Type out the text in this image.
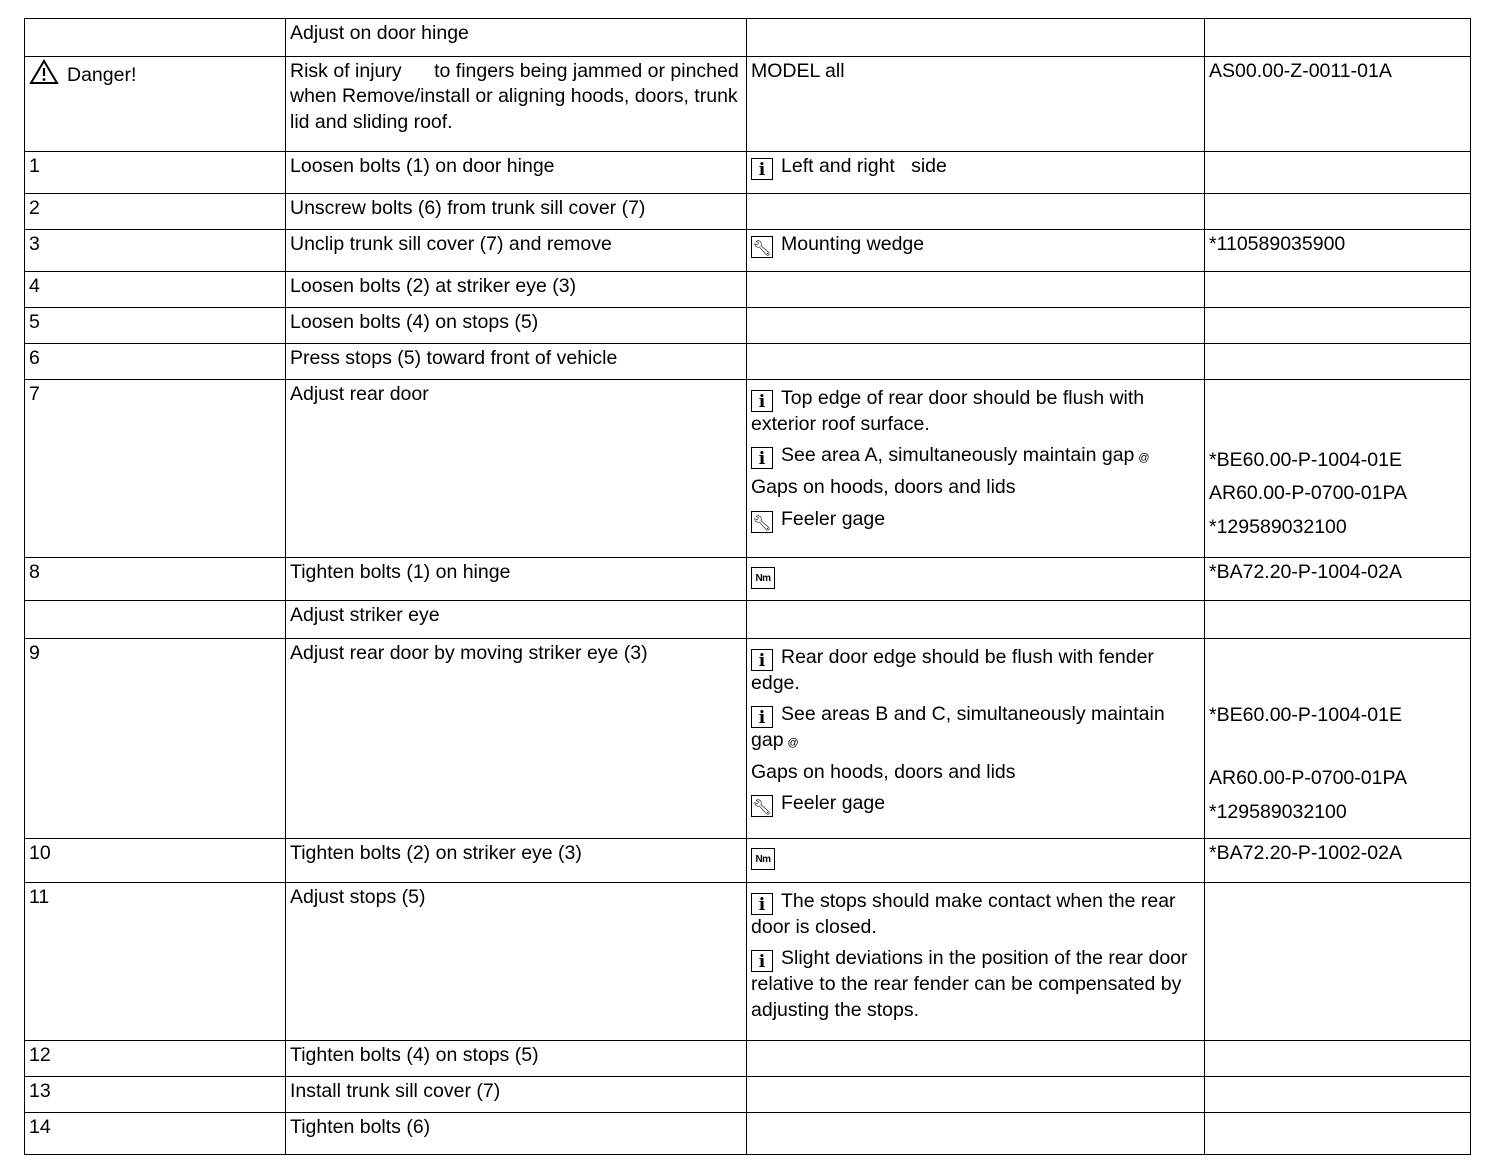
	Adjust on door hinge		
Danger!	Risk of injury      to fingers being jammed or pinched  when Remove/install or aligning hoods, doors, trunk lid and sliding roof.	MODEL all	AS00.00-Z-0011-01A
1	Loosen bolts (1) on door hinge	i Left and right   side	
2	Unscrew bolts (6) from trunk sill cover (7)		
3	Unclip trunk sill cover (7) and remove	🔧︎ Mounting wedge	*110589035900
4	Loosen bolts (2) at striker eye (3)		
5	Loosen bolts (4) on stops (5)		
6	Press stops (5) toward front of vehicle		
7	Adjust rear door	i Top edge of rear door should be flush with exterior roof surface.
i See area A, simultaneously maintain gap @
Gaps on hoods, doors and lids
🔧︎ Feeler gage	*BE60.00-P-1004-01E
AR60.00-P-0700-01PA
*129589032100

8	Tighten bolts (1) on hinge	Nm	*BA72.20-P-1004-02A
	Adjust striker eye		
9	Adjust rear door by moving striker eye (3)	i Rear door edge should be flush with fender edge.
i See areas B and C, simultaneously maintain gap @
Gaps on hoods, doors and lids
🔧︎ Feeler gage	*BE60.00-P-1004-01E
AR60.00-P-0700-01PA
*129589032100

10	Tighten bolts (2) on striker eye (3)	Nm	*BA72.20-P-1002-02A
11	Adjust stops (5)	i The stops should make contact when the rear door is closed.
i Slight deviations in the position of the rear door relative to the rear fender can be compensated by adjusting the stops.	

12	Tighten bolts (4) on stops (5)		
13	Install trunk sill cover (7)		
14	Tighten bolts (6)		
